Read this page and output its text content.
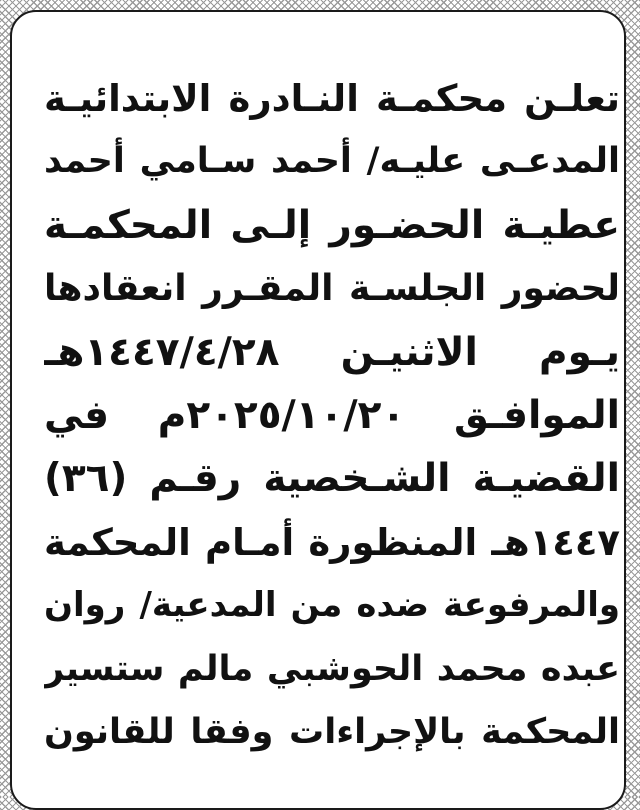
تعلـن محكمـة النـادرة الابتدائيـة
المدعـى عليـه/ أحمد سـامي أحمد
عطيـة الحضـور إلـى المحكمـة
لحضور الجلسـة المقـرر انعقادها
يـوم الاثنيـن ١٤٤٧/٤/٢٨هـ
الموافـق ٢٠٢٥/١٠/٢٠م في
القضيـة الشـخصية رقـم (٣٦)
١٤٤٧هـ المنظورة أمـام المحكمة
والمرفوعة ضده من المدعية/ روان
عبده محمد الحوشبي مالم ستسير
المحكمة بالإجراءات وفقا للقانون
